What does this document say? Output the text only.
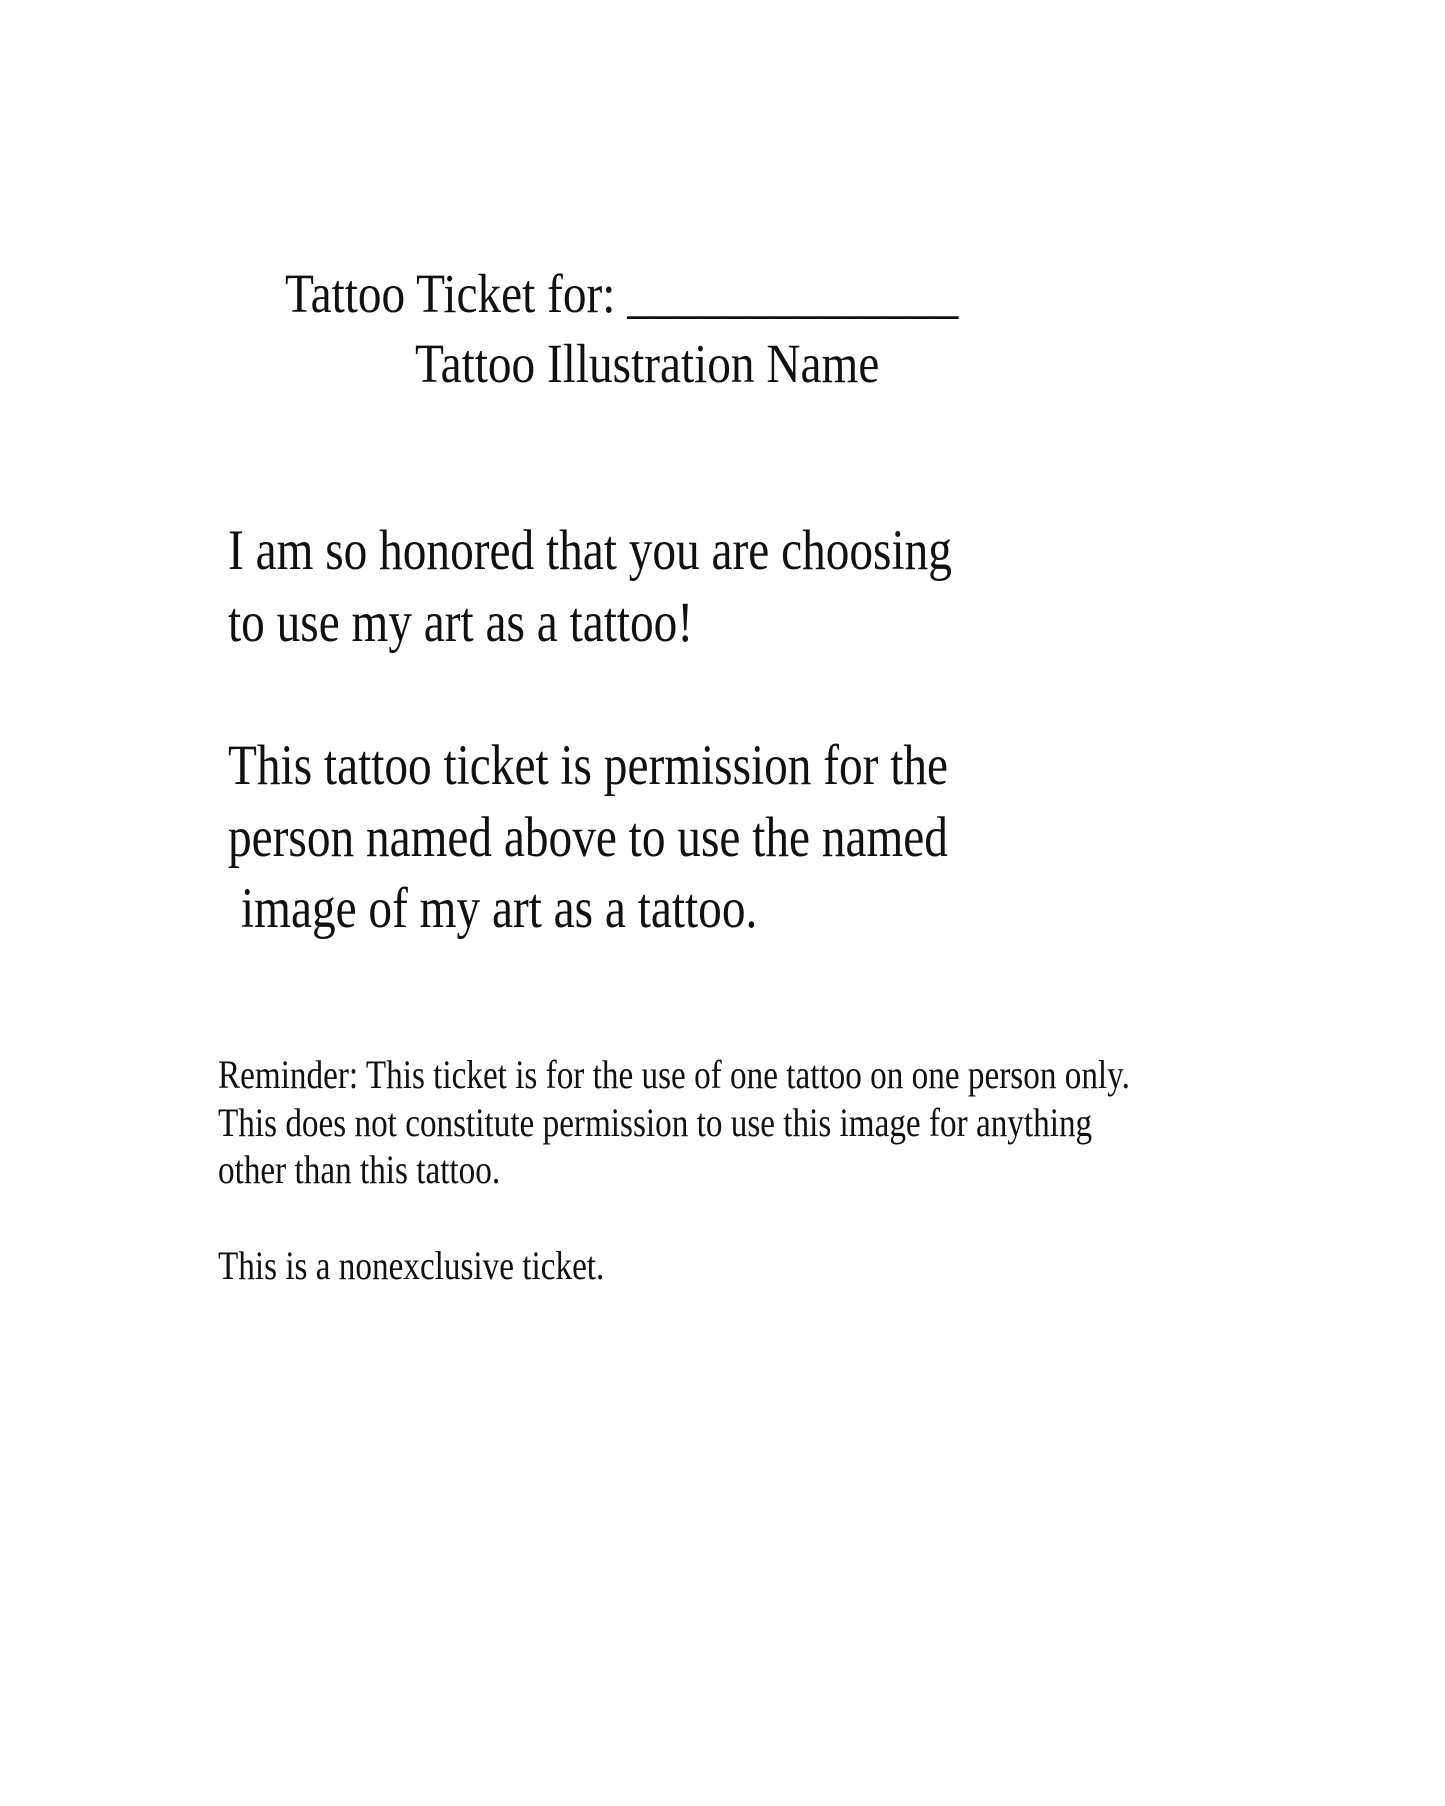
Tattoo Ticket for: ______________
Tattoo Illustration Name
I am so honored that you are choosing
to use my art as a tattoo!
This tattoo ticket is permission for the
person named above to use the named
image of my art as a tattoo.
Reminder: This ticket is for the use of one tattoo on one person only.
This does not constitute permission to use this image for anything
other than this tattoo.
This is a nonexclusive ticket.
